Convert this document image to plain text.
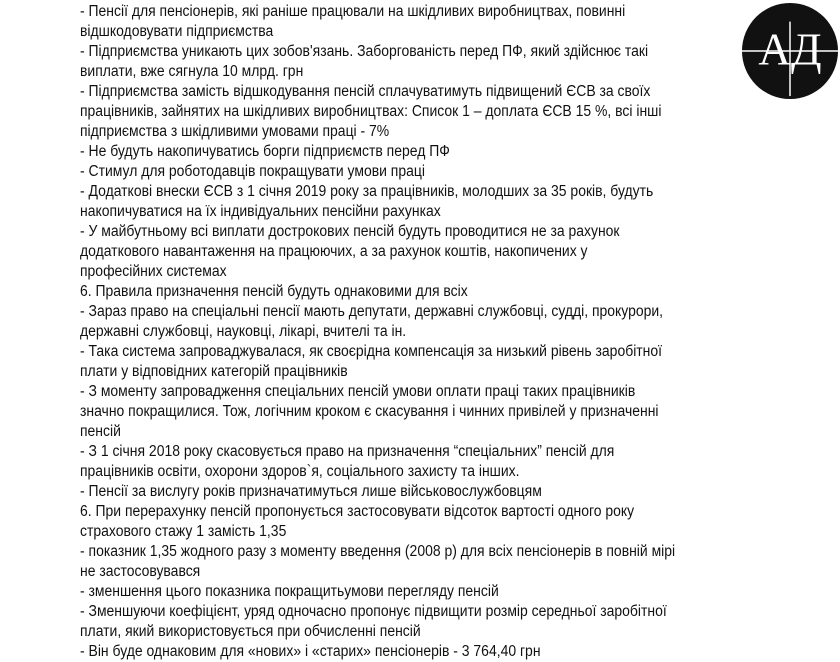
- Пенсії для пенсіонерів, які раніше працювали на шкідливих виробництвах, повинні
відшкодовувати підприємства
- Підприємства уникають цих зобов'язань. Заборгованість перед ПФ, який здійснює такі
виплати, вже сягнула 10 млрд. грн
- Підприємства замість відшкодування пенсій сплачуватимуть підвищений ЄСВ за своїх
працівників, зайнятих на шкідливих виробництвах: Список 1 – доплата ЄСВ 15 %, всі інші
підприємства з шкідливими умовами праці - 7%
- Не будуть накопичуватись борги підприємств перед ПФ
- Стимул для роботодавців покращувати умови праці
- Додаткові внески ЄСВ з 1 січня 2019 року за працівників, молодших за 35 років, будуть
накопичуватися на їх індивідуальних пенсійни рахунках
- У майбутньому всі виплати дострокових пенсій будуть проводитися не за рахунок
додаткового навантаження на працюючих, а за рахунок коштів, накопичених у
професійних системах
6. Правила призначення пенсій будуть однаковими для всіх
- Зараз право на спеціальні пенсії мають депутати, державні службовці, судді, прокурори,
державні службовці, науковці, лікарі, вчителі та ін.
- Така система запроваджувалася, як своєрідна компенсація за низький рівень заробітної
плати у відповідних категорій працівників
- З моменту запровадження спеціальних пенсій умови оплати праці таких працівників
значно покращилися. Тож, логічним кроком є скасування і чинних привілей у призначенні
пенсій
- З 1 січня 2018 року скасовується право на призначення “спеціальних” пенсій для
працівників освіти, охорони здоров`я, соціального захисту та інших.
- Пенсії за вислугу років призначатимуться лише військовослужбовцям
6. При перерахунку пенсій пропонується застосовувати відсоток вартості одного року
страхового стажу 1 замість 1,35
- показник 1,35 жодного разу з моменту введення (2008 р) для всіх пенсіонерів в повній мірі
не застосовувався
- зменшення цього показника покращитьумови перегляду пенсій
- Зменшуючи коефіцієнт, уряд одночасно пропонує підвищити розмір середньої заробітної
плати, який використовується при обчисленні пенсій
- Він буде однаковим для «нових» і «старих» пенсіонерів - 3 764,40 грн
АД
